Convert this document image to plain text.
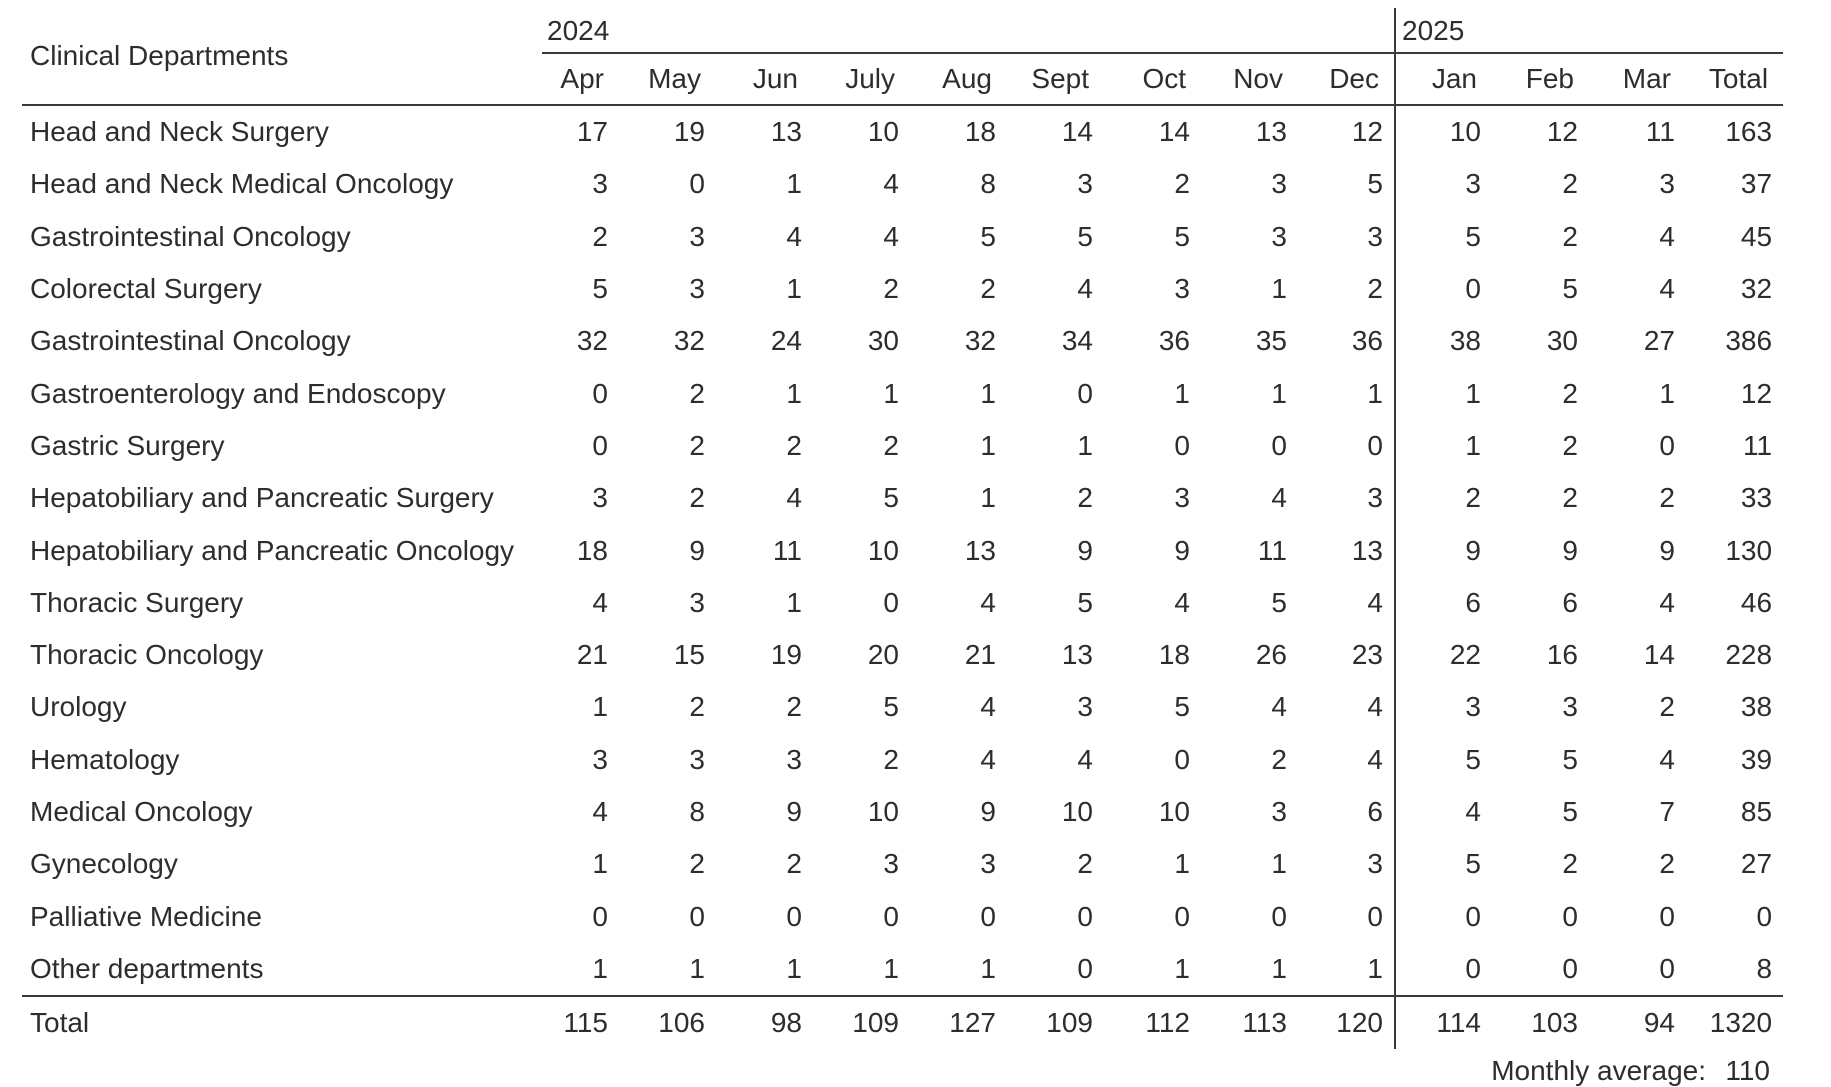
Clinical Departments	2024									2025			
	Apr	May	Jun	July	Aug	Sept	Oct	Nov	Dec	Jan	Feb	Mar	Total
Head and Neck Surgery	17	19	13	10	18	14	14	13	12	10	12	11	163
Head and Neck Medical Oncology	3	0	1	4	8	3	2	3	5	3	2	3	37
Gastrointestinal Oncology	2	3	4	4	5	5	5	3	3	5	2	4	45
Colorectal Surgery	5	3	1	2	2	4	3	1	2	0	5	4	32
Gastrointestinal Oncology	32	32	24	30	32	34	36	35	36	38	30	27	386
Gastroenterology and Endoscopy	0	2	1	1	1	0	1	1	1	1	2	1	12
Gastric Surgery	0	2	2	2	1	1	0	0	0	1	2	0	11
Hepatobiliary and Pancreatic Surgery	3	2	4	5	1	2	3	4	3	2	2	2	33
Hepatobiliary and Pancreatic Oncology	18	9	11	10	13	9	9	11	13	9	9	9	130
Thoracic Surgery	4	3	1	0	4	5	4	5	4	6	6	4	46
Thoracic Oncology	21	15	19	20	21	13	18	26	23	22	16	14	228
Urology	1	2	2	5	4	3	5	4	4	3	3	2	38
Hematology	3	3	3	2	4	4	0	2	4	5	5	4	39
Medical Oncology	4	8	9	10	9	10	10	3	6	4	5	7	85
Gynecology	1	2	2	3	3	2	1	1	3	5	2	2	27
Palliative Medicine	0	0	0	0	0	0	0	0	0	0	0	0	0
Other departments	1	1	1	1	1	0	1	1	1	0	0	0	8
Total	115	106	98	109	127	109	112	113	120	114	103	94	1320
Monthly average: 110
